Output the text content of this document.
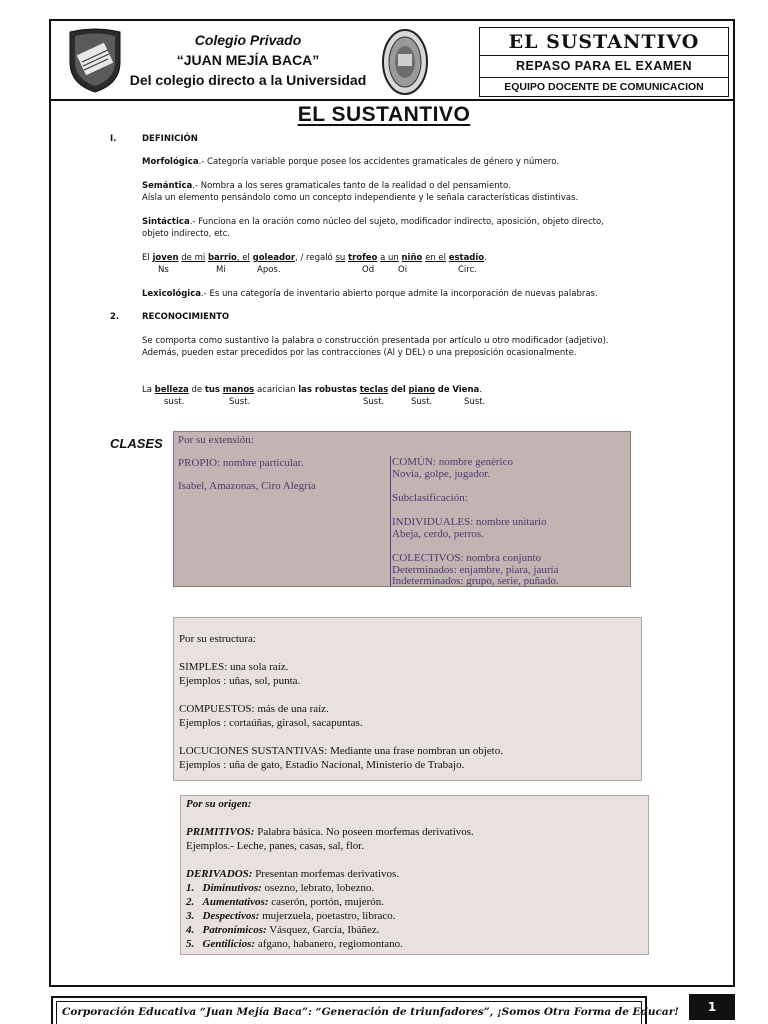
Colegio Privado
“JUAN MEJÍA BACA”
Del colegio directo a la Universidad
EL SUSTANTIVO
REPASO PARA EL EXAMEN
EQUIPO DOCENTE DE COMUNICACION
EL SUSTANTIVO
I.	DEFINICIÓN
Morfológica.- Categoría variable porque posee los accidentes gramaticales de género y número.
Semántica.- Nombra a los seres gramaticales tanto de la realidad o del pensamiento.
Aísla un elemento pensándolo como un concepto independiente y le señala características distintivas.
Sintáctica.- Funciona en la oración como núcleo del sujeto, modificador indirecto, aposición, objeto directo,
objeto indirecto, etc.
El joven de mi barrio, el goleador, / regaló su trofeo a un niño en el estadio.
Ns	Mi	Apos.	Od	Oi	Circ.
Lexicológica.- Es una categoría de inventario abierto porque admite la incorporación de nuevas palabras.
2.	RECONOCIMIENTO
Se comporta como sustantivo la palabra o construcción presentada por artículo u otro modificador (adjetivo).
Además, pueden estar precedidos por las contracciones (Al y DEL) o una preposición ocasionalmente.
La belleza de tus manos acarician las robustas teclas del piano de Viena.
sust.	Sust.	Sust.	Sust.	Sust.
CLASES Por su extensión:
PROPIO: nombre particular.
Isabel, Amazonas, Ciro Alegría
COMÚN: nombre genérico
Novia, golpe, jugador.
Subclasificación:
INDIVIDUALES: nombre unitario
Abeja, cerdo, perros.
COLECTIVOS: nombra conjunto
Determinados: enjambre, piara, jauría
Indeterminados: grupo, serie, puñado.
Por su estructura:
SIMPLES: una sola raíz.
Ejemplos : uñas, sol, punta.
COMPUESTOS: más de una raíz.
Ejemplos : cortaúñas, girasol, sacapuntas.
LOCUCIONES SUSTANTIVAS: Mediante una frase nombran un objeto.
Ejemplos : uña de gato, Estadio Nacional, Ministerio de Trabajo.
Por su origen:
PRIMITIVOS: Palabra básica. No poseen morfemas derivativos.
Ejemplos.- Leche, panes, casas, sal, flor.
DERIVADOS: Presentan morfemas derivativos.
1. Diminutivos: osezno, lebrato, lobezno.
2. Aumentativos: caserón, portón, mujerón.
3. Despectivos: mujerzuela, poetastro, libraco.
4. Patronímicos: Vásquez, García, Ibáñez.
5. Gentilicios: afgano, habanero, regiomontano.
Corporación Educativa “Juan Mejía Baca”: “Generación de triunfadores”, ¡Somos Otra Forma de Educar!	1
